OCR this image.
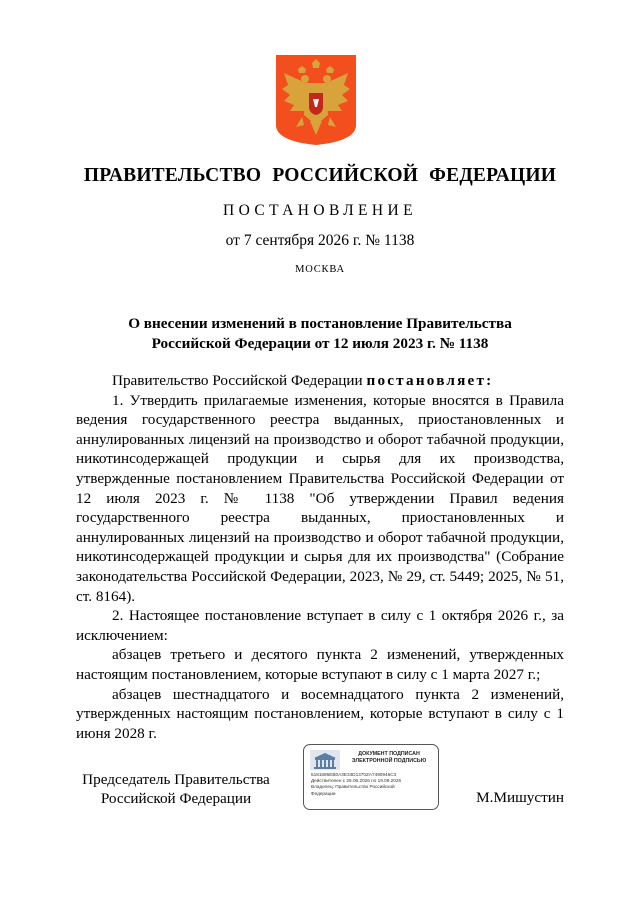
ПРАВИТЕЛЬСТВО РОССИЙСКОЙ ФЕДЕРАЦИИ
ПОСТАНОВЛЕНИЕ
от 7 сентября 2026 г. № 1138
МОСКВА
О внесении изменений в постановление Правительства
Российской Федерации от 12 июля 2023 г. № 1138

Правительство Российской Федерации постановляет:

1. Утвердить прилагаемые изменения, которые вносятся в Правила ведения государственного реестра выданных, приостановленных и аннулированных лицензий на производство и оборот табачной продукции, никотинсодержащей продукции и сырья для их производства, утвержденные постановлением Правительства Российской Федерации от 12 июля 2023 г. № 1138 "Об утверждении Правил ведения государственного реестра выданных, приостановленных и аннулированных лицензий на производство и оборот табачной продукции, никотинсодержащей продукции и сырья для их производства" (Собрание законодательства Российской Федерации, 2023, № 29, ст. 5449; 2025, № 51, ст. 8164).

2. Настоящее постановление вступает в силу с 1 октября 2026 г., за исключением:

абзацев третьего и десятого пункта 2 изменений, утвержденных настоящим постановлением, которые вступают в силу с 1 марта 2027 г.;

абзацев шестнадцатого и восемнадцатого пункта 2 изменений, утвержденных настоящим постановлением, которые вступают в силу с 1 июня 2028 г.

Председатель Правительства
Российской Федерации
ДОКУМЕНТ ПОДПИСАН
ЭЛЕКТРОННОЙ ПОДПИСЬЮ
5181586EB0A3E34D1370ZA7490946C3
Действителен с 26.06.2026 по 19.09.2026
Владелец: Правительство Российской
Федерации	М.Мишустин
